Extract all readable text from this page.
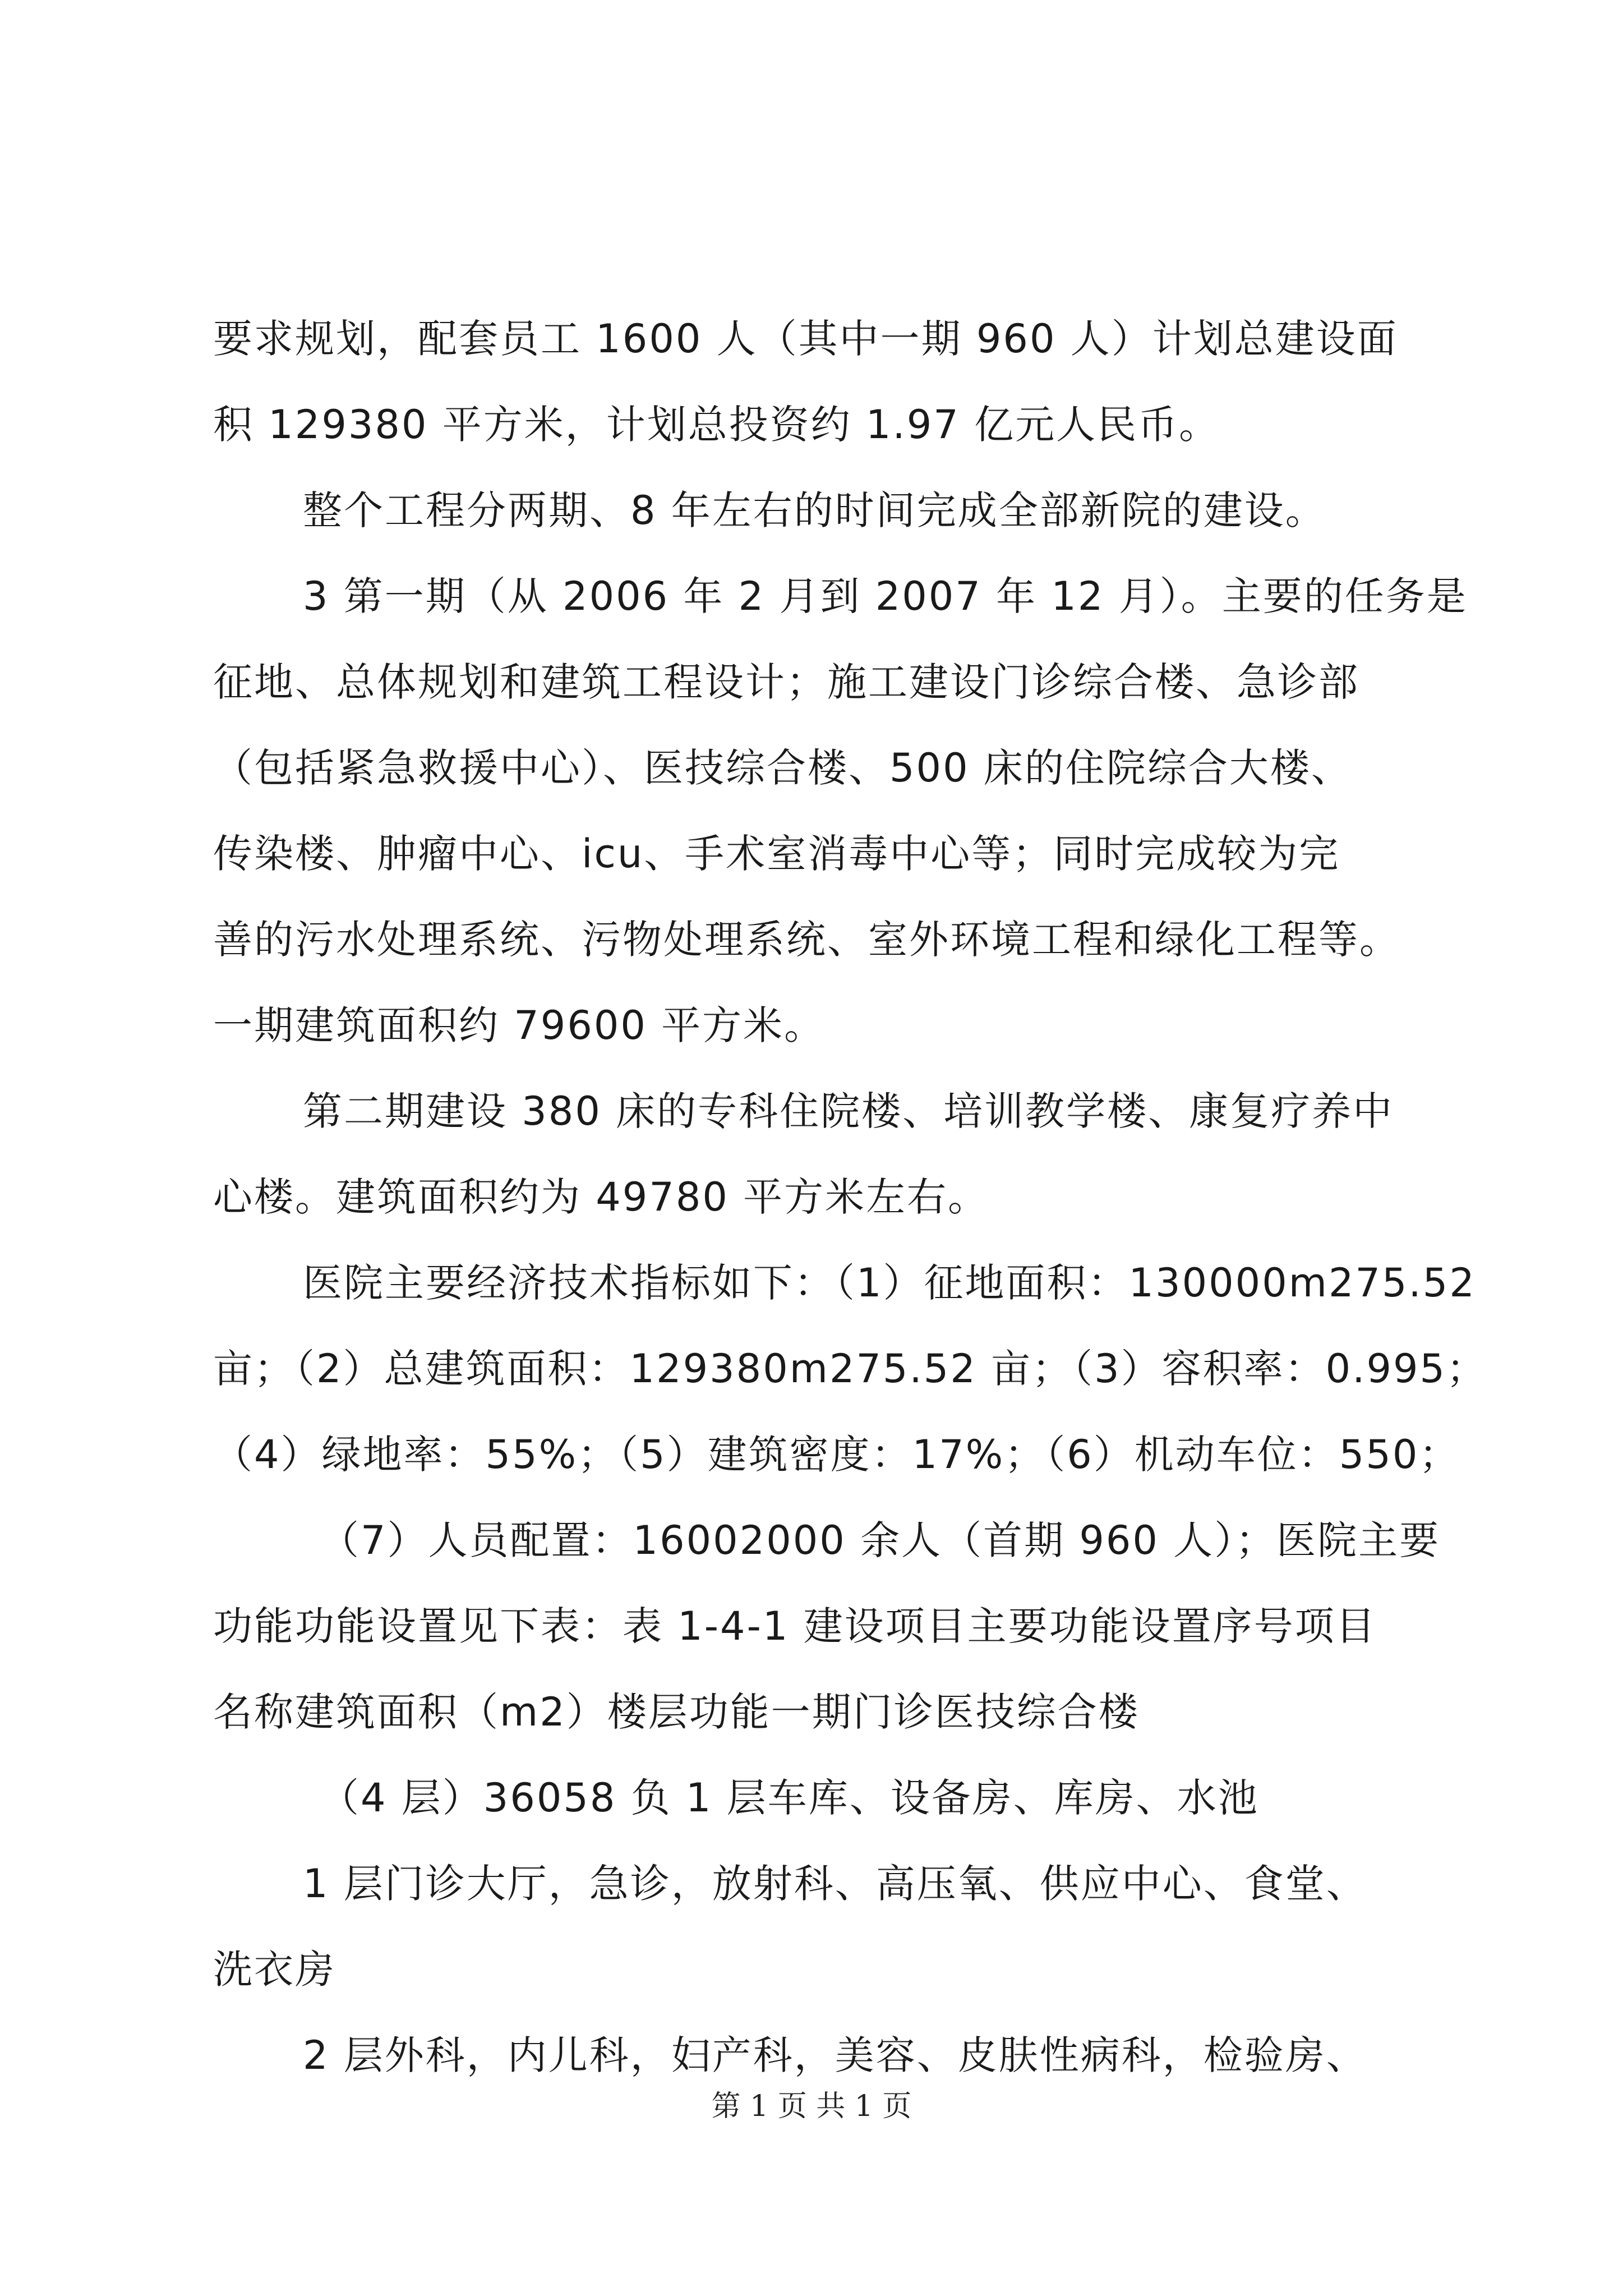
要求规划，配套员工 1600 人（其中一期 960 人）计划总建设面
积 129380 平方米，计划总投资约 1.97 亿元人民币。
整个工程分两期、8 年左右的时间完成全部新院的建设。
3 第一期（从 2006 年 2 月到 2007 年 12 月）。主要的任务是
征地、总体规划和建筑工程设计；施工建设门诊综合楼、急诊部
（包括紧急救援中心）、医技综合楼、500 床的住院综合大楼、
传染楼、肿瘤中心、icu、手术室消毒中心等；同时完成较为完
善的污水处理系统、污物处理系统、室外环境工程和绿化工程等。
一期建筑面积约 79600 平方米。
第二期建设 380 床的专科住院楼、培训教学楼、康复疗养中
心楼。建筑面积约为 49780 平方米左右。
医院主要经济技术指标如下：（1）征地面积：130000m275.52
亩；（2）总建筑面积：129380m275.52 亩；（3）容积率：0.995；
（4）绿地率：55%；（5）建筑密度：17%；（6）机动车位：550；
（7）人员配置：16002000 余人（首期 960 人）；医院主要
功能功能设置见下表：表 1-4-1 建设项目主要功能设置序号项目
名称建筑面积（m2）楼层功能一期门诊医技综合楼
（4 层）36058 负 1 层车库、设备房、库房、水池
1 层门诊大厅，急诊，放射科、高压氧、供应中心、食堂、
洗衣房
2 层外科，内儿科，妇产科，美容、皮肤性病科，检验房、
第 1 页 共 1 页
